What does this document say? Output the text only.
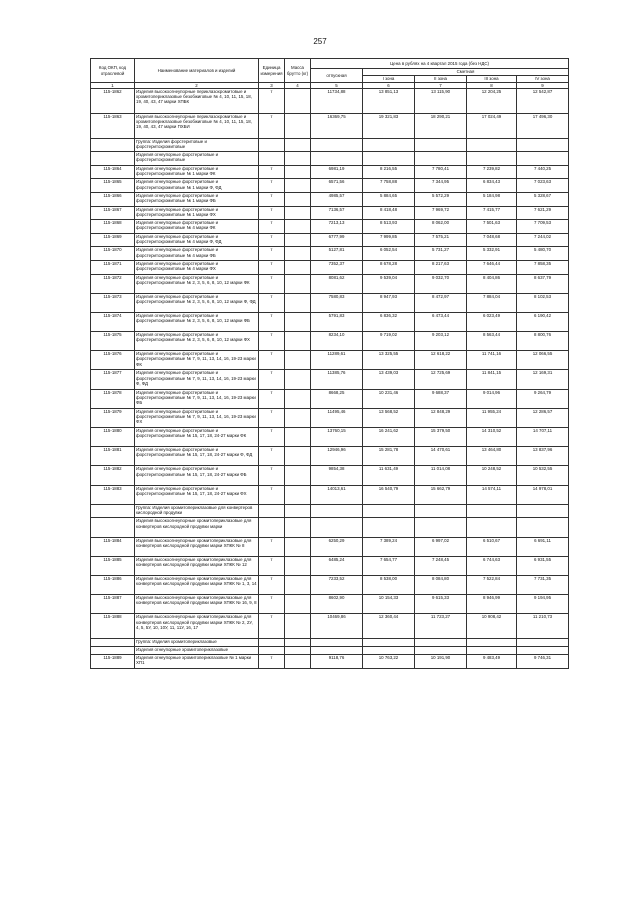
257
Код ОКП, код отраслевой	Наименование материалов и изделий	Единица измерения	Масса брутто (кг)	Цена в рублях на 4 квартал 2015 года (без НДС)				
				отпускная	Сметная			
					I зона	II зона	III зона	IV зона
1	2	3	4	5	6	7	8	9
115-1862	Изделия высокоогнеупорные периклазохромитовые и хромитопериклазовые безобжиговые № 4, 10, 11, 15, 18, 19, 40, 43, 47 марки ХПБК	т		11734,88	13 851,13	13 115,90	12 204,25	12 542,87
115-1863	Изделия высокоогнеупорные периклазохромитовые и хромитопериклазовые безобжиговые № 4, 10, 11, 15, 18, 19, 40, 43, 47 марки ПХБИ	т		16369,75	19 321,83	18 290,21	17 024,49	17 496,30
	Группа: Изделия форстеритовые и форстеритохромитовые							
	Изделия огнеупорные форстеритовые и форстеритохромитовые							
115-1864	Изделия огнеупорные форстеритовые и форстеритохромитовые № 1 марки ФК	т		6981,19	8 216,55	7 780,41	7 239,82	7 440,25
115-1865	Изделия огнеупорные форстеритовые и форстеритохромитовые № 1 марки Ф, ФД	т		6571,56	7 758,88	7 344,95	6 834,43	7 023,63
115-1866	Изделия огнеупорные форстеритовые и форстеритохромитовые № 1 марки ФБ	т		4985,57	5 884,65	5 572,29	5 184,98	5 328,67
115-1867	Изделия огнеупорные форстеритовые и форстеритохромитовые № 1 марки ФХ	т		7136,57	8 418,48	7 969,72	7 415,77	7 621,29
115-1868	Изделия огнеупорные форстеритовые и форстеритохромитовые № 4 марки ФК	т		7213,13	8 513,93	8 062,00	7 501,63	7 709,53
115-1869	Изделия огнеупорные форстеритовые и форстеритохромитовые № 4 марки Ф, ФД	т		6777,99	7 999,85	7 575,21	7 048,68	7 244,02
115-1870	Изделия огнеупорные форстеритовые и форстеритохромитовые № 4 марки ФБ	т		5127,81	6 052,54	5 731,27	5 332,91	5 480,70
115-1871	Изделия огнеупорные форстеритовые и форстеритохромитовые № 4 марки ФХ	т		7352,37	8 678,28	8 217,63	7 646,44	7 858,35
115-1872	Изделия огнеупорные форстеритовые и форстеритохромитовые № 2, 3, 5, 6, 8, 10, 12 марки ФК	т		8081,62	9 539,04	9 032,70	8 404,86	8 637,79
115-1873	Изделия огнеупорные форстеритовые и форстеритохромитовые № 2, 3, 5, 6, 8, 10, 12 марки Ф, ФД	т		7580,83	8 947,93	8 472,97	7 884,04	8 102,53
115-1874	Изделия огнеупорные форстеритовые и форстеритохромитовые № 2, 3, 5, 6, 8, 10, 12 марки ФБ	т		5791,83	6 836,32	6 473,44	6 023,49	6 190,42
115-1875	Изделия огнеупорные форстеритовые и форстеритохромитовые № 2, 3, 5, 6, 8, 10, 12 марки ФХ	т		8234,10	9 719,02	9 203,12	8 563,44	8 800,76
115-1876	Изделия огнеупорные форстеритовые и форстеритохромитовые № 7, 9, 11, 13, 14, 16, 19-23 марки ФК	т		11289,61	13 325,55	12 618,22	11 741,16	12 066,55
115-1877	Изделия огнеупорные форстеритовые и форстеритохромитовые № 7, 9, 11, 13, 14, 16, 19-23 марки Ф, ФД	т		11385,76	13 439,03	12 725,69	11 841,15	12 169,31
115-1878	Изделия огнеупорные форстеритовые и форстеритохромитовые № 7, 9, 11, 13, 14, 16, 19-23 марки ФБ	т		8668,25	10 231,46	9 688,37	9 014,96	9 264,79
115-1879	Изделия огнеупорные форстеритовые и форстеритохромитовые № 7, 9, 11, 13, 14, 16, 19-23 марки ФХ	т		11495,46	13 568,52	12 848,29	11 955,24	12 286,57
115-1880	Изделия огнеупорные форстеритовые и форстеритохромитовые № 15, 17, 18, 24-27 марки ФК	т		13760,15	16 241,62	15 379,50	14 310,52	14 707,11
115-1881	Изделия огнеупорные форстеритовые и форстеритохромитовые № 15, 17, 18, 24-27 марки Ф, ФД	т		12946,96	15 281,78	14 470,61	13 464,80	13 837,96
115-1882	Изделия огнеупорные форстеритовые и форстеритохромитовые № 15, 17, 18, 24-27 марки ФБ	т		9854,38	11 631,49	11 014,08	10 248,52	10 532,55
115-1883	Изделия огнеупорные форстеритовые и форстеритохромитовые № 15, 17, 18, 24-27 марки ФХ	т		14013,61	16 540,79	15 662,79	14 574,11	14 978,01
	Группа: Изделия хромитопериклазовые для конвертеров кислородной продувки							
	Изделия высокоогнеупорные хромитопериклазовые для конвертеров кислородной продувки марки							
115-1884	Изделия высокоогнеупорные хромитопериклазовые для конвертеров кислородной продувки марки ХПКК № 8	т		6250,29	7 389,24	6 997,02	6 510,67	6 691,11
115-1885	Изделия высокоогнеупорные хромитопериклазовые для конвертеров кислородной продувки марки ХПКК № 12	т		6485,24	7 654,77	7 248,45	6 744,63	6 931,55
115-1886	Изделия высокоогнеупорные хромитопериклазовые для конвертеров кислородной продувки марки ХПКК № 1, 3, 14	т		7233,52	8 538,00	8 084,80	7 522,84	7 731,35
115-1887	Изделия высокоогнеупорные хромитопериклазовые для конвертеров кислородной продувки марки ХПКК № 16, 9, 8	т		8602,90	10 154,33	9 615,33	8 946,99	9 194,95
115-1888	Изделия высокоогнеупорные хромитопериклазовые для конвертеров кислородной продувки марки ХПКК № 2, 2У, 4, 5, 5У, 10, 10У, 11, 11У, 16, 17	т		10469,86	12 360,44	11 723,27	10 908,42	11 210,73
	Группа: Изделия хромитопериклазовые							
	Изделия огнеупорные хромитопериклазовые							
115-1889	Изделия огнеупорные хромитопериклазовые № 1 марки ХП1	т		9118,76	10 763,22	10 191,90	9 483,49	9 746,31
